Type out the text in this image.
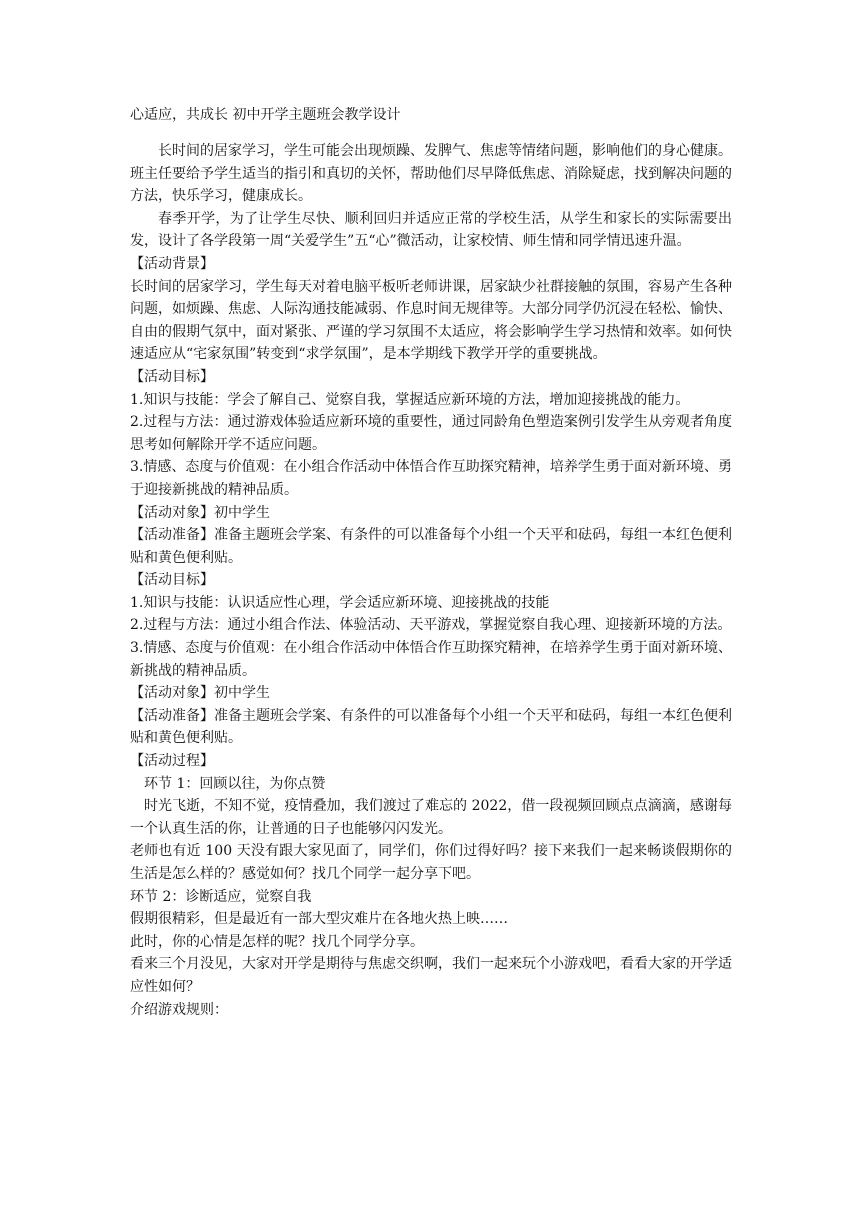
心适应，共成长 初中开学主题班会教学设计

长时间的居家学习，学生可能会出现烦躁、发脾气、焦虑等情绪问题，影响他们的身心健康。班主任要给予学生适当的指引和真切的关怀，帮助他们尽早降低焦虑、消除疑虑，找到解决问题的方法，快乐学习，健康成长。

春季开学，为了让学生尽快、顺利回归并适应正常的学校生活，从学生和家长的实际需要出发，设计了各学段第一周“关爱学生”五“心”微活动，让家校情、师生情和同学情迅速升温。

【活动背景】

长时间的居家学习，学生每天对着电脑平板听老师讲课，居家缺少社群接触的氛围，容易产生各种问题，如烦躁、焦虑、人际沟通技能减弱、作息时间无规律等。大部分同学仍沉浸在轻松、愉快、自由的假期气氛中，面对紧张、严谨的学习氛围不太适应，将会影响学生学习热情和效率。如何快速适应从“宅家氛围”转变到“求学氛围”，是本学期线下教学开学的重要挑战。

【活动目标】

1.知识与技能：学会了解自己、觉察自我，掌握适应新环境的方法，增加迎接挑战的能力。

2.过程与方法：通过游戏体验适应新环境的重要性，通过同龄角色塑造案例引发学生从旁观者角度思考如何解除开学不适应问题。

3.情感、态度与价值观：在小组合作活动中体悟合作互助探究精神，培养学生勇于面对新环境、勇于迎接新挑战的精神品质。

【活动对象】初中学生

【活动准备】准备主题班会学案、有条件的可以准备每个小组一个天平和砝码，每组一本红色便利贴和黄色便利贴。

【活动目标】

1.知识与技能：认识适应性心理，学会适应新环境、迎接挑战的技能

2.过程与方法：通过小组合作法、体验活动、天平游戏，掌握觉察自我心理、迎接新环境的方法。

3.情感、态度与价值观：在小组合作活动中体悟合作互助探究精神，在培养学生勇于面对新环境、新挑战的精神品质。

【活动对象】初中学生

【活动准备】准备主题班会学案、有条件的可以准备每个小组一个天平和砝码，每组一本红色便利贴和黄色便利贴。

【活动过程】

环节 1：回顾以往，为你点赞

时光飞逝，不知不觉，疫情叠加，我们渡过了难忘的 2022，借一段视频回顾点点滴滴，感谢每一个认真生活的你，让普通的日子也能够闪闪发光。

老师也有近 100 天没有跟大家见面了，同学们，你们过得好吗？接下来我们一起来畅谈假期你的生活是怎么样的？感觉如何？找几个同学一起分享下吧。

环节 2：诊断适应，觉察自我

假期很精彩，但是最近有一部大型灾难片在各地火热上映……

此时，你的心情是怎样的呢？找几个同学分享。

看来三个月没见，大家对开学是期待与焦虑交织啊，我们一起来玩个小游戏吧，看看大家的开学适应性如何？

介绍游戏规则：
